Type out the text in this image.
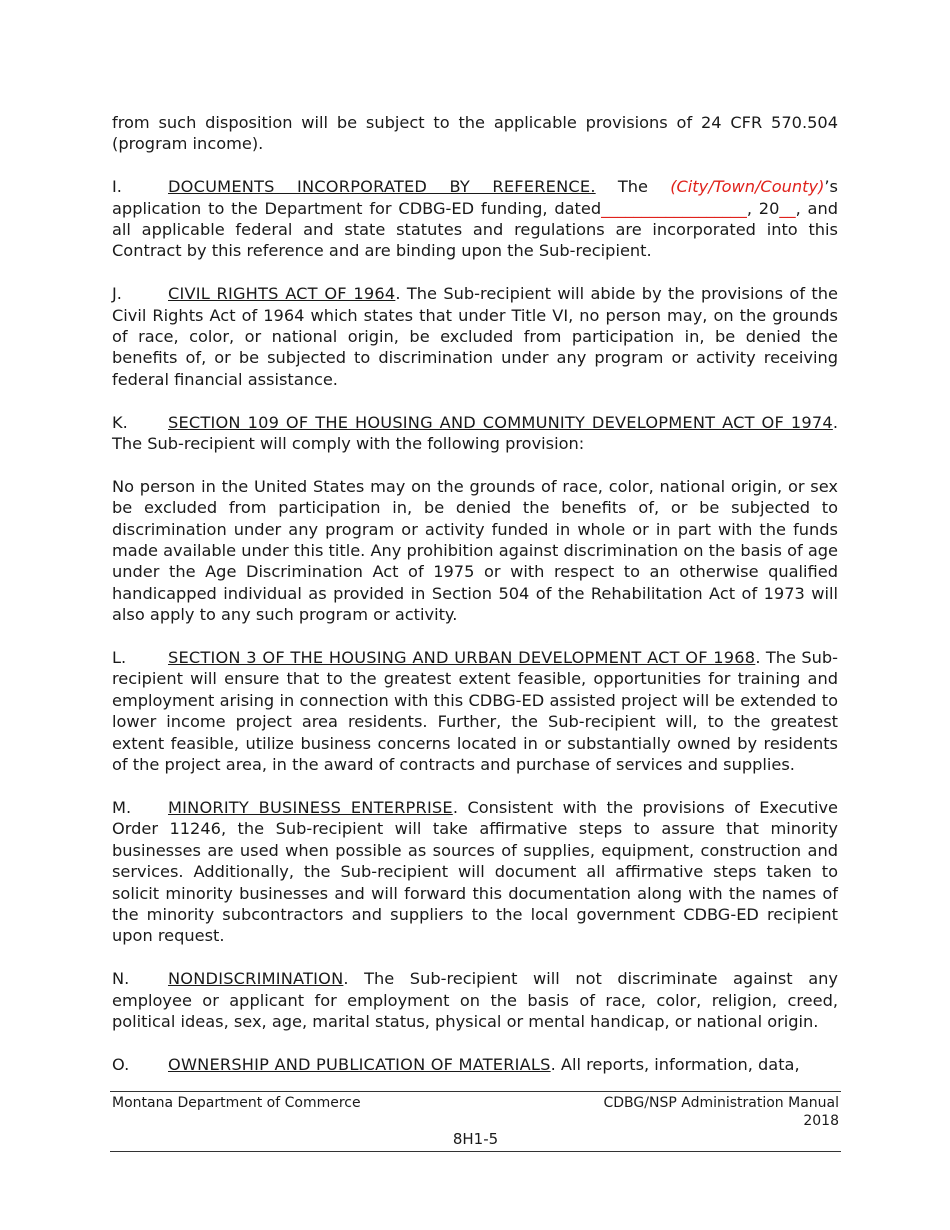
from such disposition will be subject to the applicable provisions of 24 CFR 570.504 (program income).

I.	DOCUMENTS INCORPORATED BY REFERENCE. The (City/Town/County)’s application to the Department for CDBG-ED funding, dated__________________, 20__, and all applicable federal and state statutes and regulations are incorporated into this Contract by this reference and are binding upon the Sub-recipient.

J.	CIVIL RIGHTS ACT OF 1964. The Sub-recipient will abide by the provisions of the Civil Rights Act of 1964 which states that under Title VI, no person may, on the grounds of race, color, or national origin, be excluded from participation in, be denied the benefits of, or be subjected to discrimination under any program or activity receiving federal financial assistance.

K. SECTION 109 OF THE HOUSING AND COMMUNITY DEVELOPMENT ACT OF 1974. The Sub-recipient will comply with the following provision:

No person in the United States may on the grounds of race, color, national origin, or sex be excluded from participation in, be denied the benefits of, or be subjected to discrimination under any program or activity funded in whole or in part with the funds made available under this title. Any prohibition against discrimination on the basis of age under the Age Discrimination Act of 1975 or with respect to an otherwise qualified handicapped individual as provided in Section 504 of the Rehabilitation Act of 1973 will also apply to any such program or activity.

L.	SECTION 3 OF THE HOUSING AND URBAN DEVELOPMENT ACT OF 1968. The Sub-recipient will ensure that to the greatest extent feasible, opportunities for training and employment arising in connection with this CDBG-ED assisted project will be extended to lower income project area residents. Further, the Sub-recipient will, to the greatest extent feasible, utilize business concerns located in or substantially owned by residents of the project area, in the award of contracts and purchase of services and supplies.

M. MINORITY BUSINESS ENTERPRISE. Consistent with the provisions of Executive Order 11246, the Sub-recipient will take affirmative steps to assure that minority businesses are used when possible as sources of supplies, equipment, construction and services. Additionally, the Sub-recipient will document all affirmative steps taken to solicit minority businesses and will forward this documentation along with the names of the minority subcontractors and suppliers to the local government CDBG-ED recipient upon request.

N. NONDISCRIMINATION. The Sub-recipient will not discriminate against any employee or applicant for employment on the basis of race, color, religion, creed, political ideas, sex, age, marital status, physical or mental handicap, or national origin.

O. OWNERSHIP AND PUBLICATION OF MATERIALS. All reports, information, data,

Montana Department of Commerce	CDBG/NSP Administration Manual
2018
8H1-5
